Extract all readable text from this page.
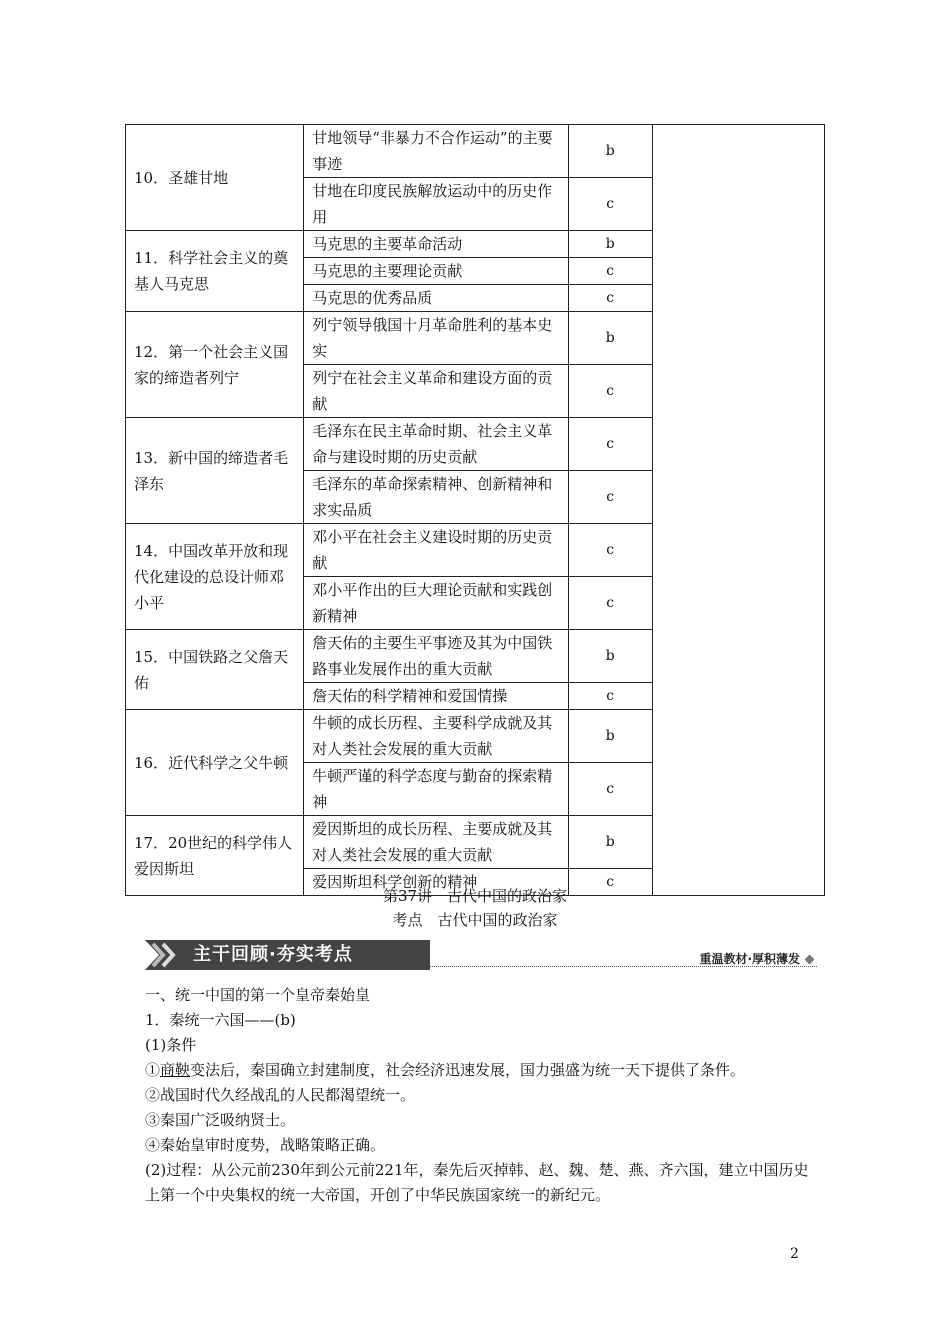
10．圣雄甘地	甘地领导“非暴力不合作运动”的主要事迹	b	
	甘地在印度民族解放运动中的历史作用	c	
11．科学社会主义的奠基人马克思	马克思的主要革命活动	b	
	马克思的主要理论贡献	c	
	马克思的优秀品质	c	
12．第一个社会主义国家的缔造者列宁	列宁领导俄国十月革命胜利的基本史实	b	
	列宁在社会主义革命和建设方面的贡献	c	
13．新中国的缔造者毛泽东	毛泽东在民主革命时期、社会主义革命与建设时期的历史贡献	c	
	毛泽东的革命探索精神、创新精神和求实品质	c	
14．中国改革开放和现代化建设的总设计师邓小平	邓小平在社会主义建设时期的历史贡献	c	
	邓小平作出的巨大理论贡献和实践创新精神	c	
15．中国铁路之父詹天佑	詹天佑的主要生平事迹及其为中国铁路事业发展作出的重大贡献	b	
	詹天佑的科学精神和爱国情操	c	
16．近代科学之父牛顿	牛顿的成长历程、主要科学成就及其对人类社会发展的重大贡献	b	
	牛顿严谨的科学态度与勤奋的探索精神	c	
17．20世纪的科学伟人爱因斯坦	爱因斯坦的成长历程、主要成就及其对人类社会发展的重大贡献	b	
	爱因斯坦科学创新的精神	c	
第37讲　古代中国的政治家
考点　古代中国的政治家
主干回顾·夯实考点	重温教材·厚积薄发

一、统一中国的第一个皇帝秦始皇

1．秦统一六国——(b)

(1)条件

①商鞅变法后，秦国确立封建制度，社会经济迅速发展，国力强盛为统一天下提供了条件。

②战国时代久经战乱的人民都渴望统一。

③秦国广泛吸纳贤士。

④秦始皇审时度势，战略策略正确。

(2)过程：从公元前230年到公元前221年，秦先后灭掉韩、赵、魏、楚、燕、齐六国，建立中国历史上第一个中央集权的统一大帝国，开创了中华民族国家统一的新纪元。

2
